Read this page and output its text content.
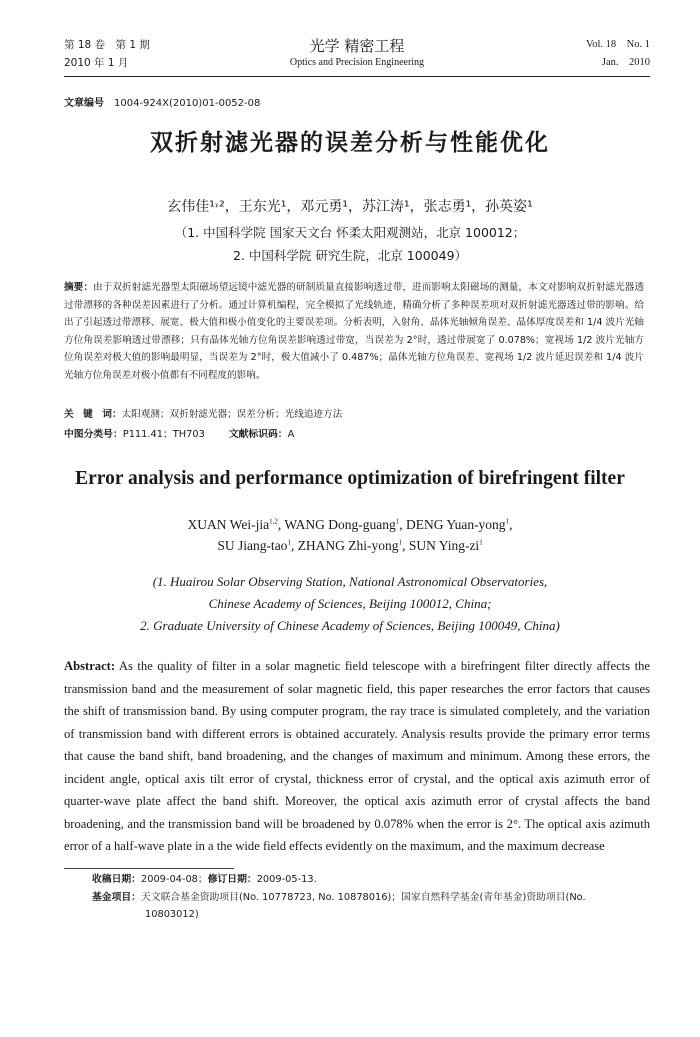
第 18 卷　第 1 期
2010 年 1 月
光学 精密工程
Optics and Precision Engineering
Vol. 18　No. 1
Jan.　2010
文章编号 1004-924X(2010)01-0052-08
双折射滤光器的误差分析与性能优化
玄伟佳¹˒²，王东光¹，邓元勇¹，苏江涛¹，张志勇¹，孙英姿¹
（1. 中国科学院 国家天文台 怀柔太阳观测站，北京 100012；
2. 中国科学院 研究生院，北京 100049）
摘要：由于双折射滤光器型太阳磁场望远镜中滤光器的研制质量直接影响透过带，进而影响太阳磁场的测量，本文对影响双折射滤光器透过带漂移的各种误差因素进行了分析。通过计算机编程，完全模拟了光线轨迹，精确分析了多种误差项对双折射滤光器透过带的影响。给出了引起透过带漂移、展宽、极大值和极小值变化的主要误差项。分析表明，入射角、晶体光轴倾角误差、晶体厚度误差和 1/4 波片光轴方位角误差影响透过带漂移；只有晶体光轴方位角误差影响透过带宽，当误差为 2°时，透过带展宽了 0.078%；宽视场 1/2 波片光轴方位角误差对极大值的影响最明显，当误差为 2°时，极大值减小了 0.487%；晶体光轴方位角误差、宽视场 1/2 波片延迟误差和 1/4 波片光轴方位角误差对极小值都有不同程度的影响。
关　键　词：太阳观测；双折射滤光器；误差分析；光线追迹方法
中图分类号：P111.41；TH703 文献标识码：A
Error analysis and performance optimization of birefringent filter
XUAN Wei-jia$^{1,2}$, WANG Dong-guang$^1$, DENG Yuan-yong$^1$,
SU Jiang-tao$^1$, ZHANG Zhi-yong$^1$, SUN Ying-$zi^1$
(1. Huairou Solar Observing Station, National Astronomical Observatories,
Chinese Academy of Sciences, Beijing 100012, China;
2. Graduate University of Chinese Academy of Sciences, Beijing 100049, China)
Abstract: As the quality of filter in a solar magnetic field telescope with a birefringent filter directly affects the transmission band and the measurement of solar magnetic field, this paper researches the error factors that causes the shift of transmission band. By using computer program, the ray trace is simulated completely, and the variation of transmission band with different errors is obtained accurately. Analysis results provide the primary error terms that cause the band shift, band broadening, and the changes of maximum and minimum. Among these errors, the incident angle, optical axis tilt error of crystal, thickness error of crystal, and the optical axis azimuth error of quarter-wave plate affect the band shift. Moreover, the optical axis azimuth error of crystal affects the band broadening, and the transmission band will be broadened by 0.078% when the error is 2°. The optical axis azimuth error of a half-wave plate in a the wide field effects evidently on the maximum, and the maximum decrease
收稿日期：2009-04-08；修订日期：2009-05-13.
基金项目：天文联合基金资助项目(No. 10778723, No. 10878016)；国家自然科学基金(青年基金)资助项目(No.
10803012)
